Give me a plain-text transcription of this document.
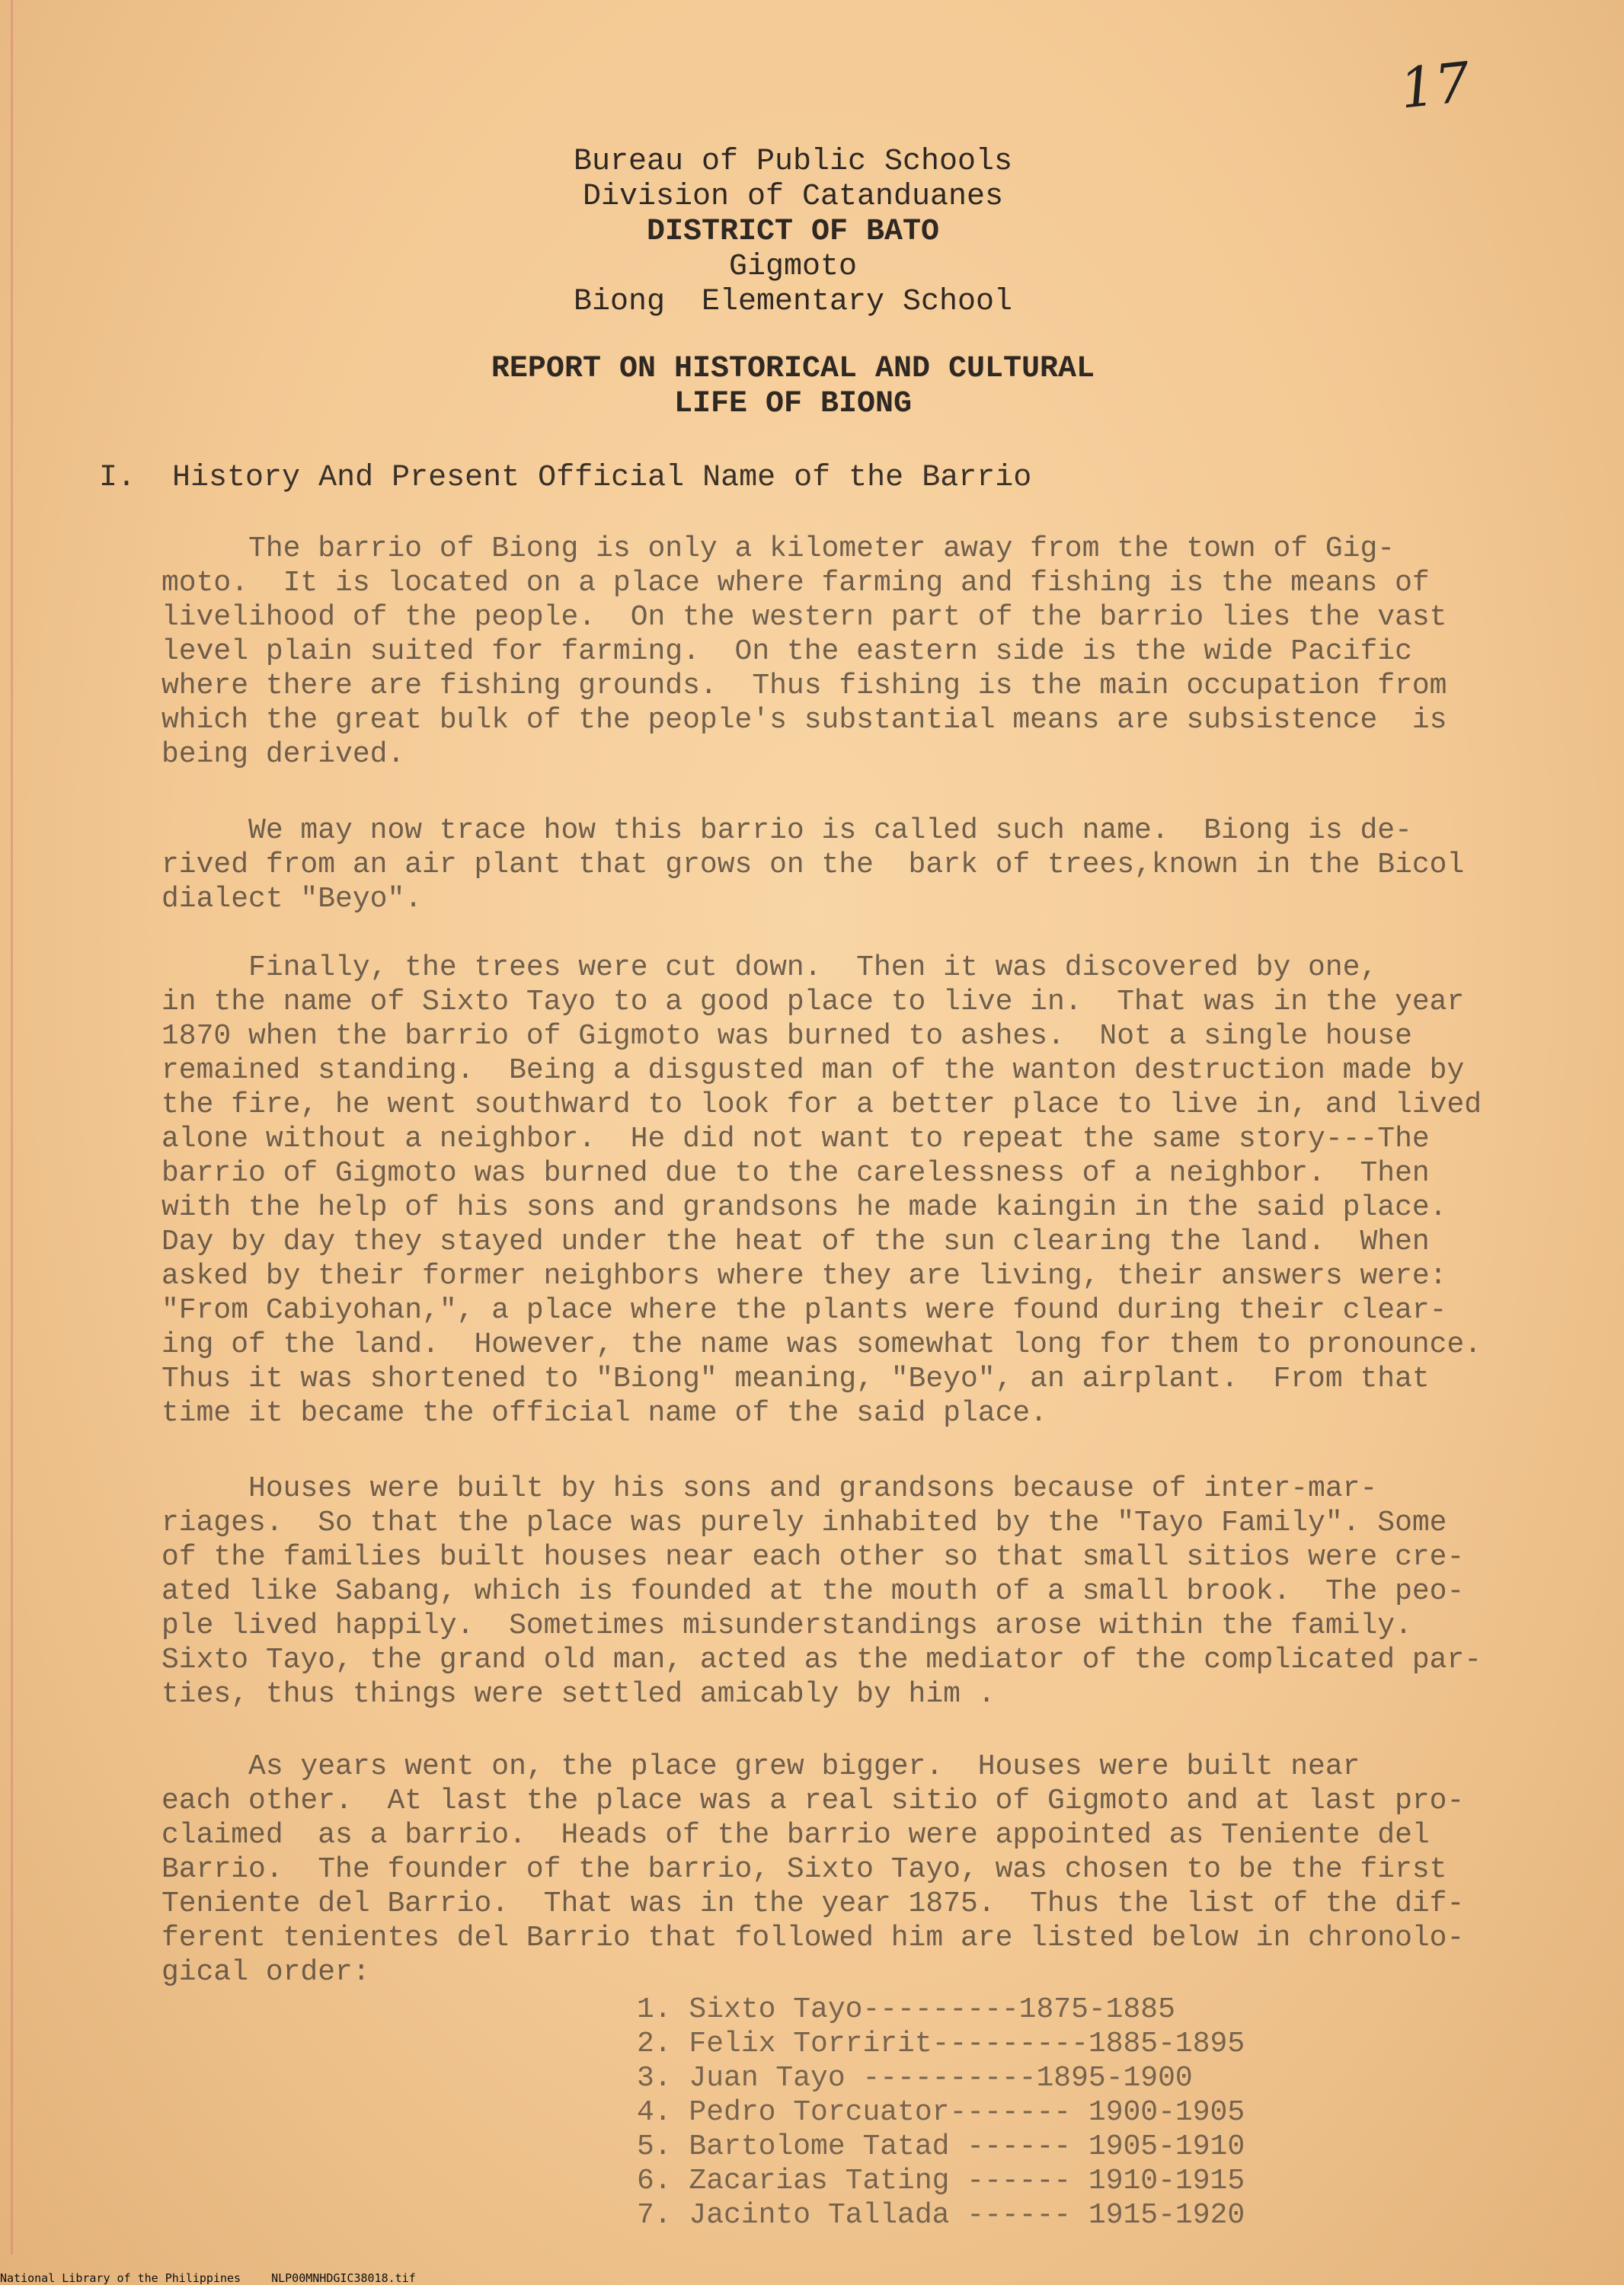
17
Bureau of Public Schools
Division of Catanduanes
DISTRICT OF BATO
Gigmoto
Biong  Elementary School
REPORT ON HISTORICAL AND CULTURAL
LIFE OF BIONG
I. History And Present Official Name of the Barrio
The barrio of Biong is only a kilometer away from the town of Gig-
moto.  It is located on a place where farming and fishing is the means of
livelihood of the people.  On the western part of the barrio lies the vast
level plain suited for farming.  On the eastern side is the wide Pacific
where there are fishing grounds.  Thus fishing is the main occupation from
which the great bulk of the people's substantial means are subsistence  is
being derived.
We may now trace how this barrio is called such name.  Biong is de-
rived from an air plant that grows on the  bark of trees,known in the Bicol
dialect "Beyo".
Finally, the trees were cut down.  Then it was discovered by one,
in the name of Sixto Tayo to a good place to live in.  That was in the year
1870 when the barrio of Gigmoto was burned to ashes.  Not a single house
remained standing.  Being a disgusted man of the wanton destruction made by
the fire, he went southward to look for a better place to live in, and lived
alone without a neighbor.  He did not want to repeat the same story---The
barrio of Gigmoto was burned due to the carelessness of a neighbor.  Then
with the help of his sons and grandsons he made kaingin in the said place.
Day by day they stayed under the heat of the sun clearing the land.  When
asked by their former neighbors where they are living, their answers were:
"From Cabiyohan,", a place where the plants were found during their clear-
ing of the land.  However, the name was somewhat long for them to pronounce.
Thus it was shortened to "Biong" meaning, "Beyo", an airplant.  From that
time it became the official name of the said place.
Houses were built by his sons and grandsons because of inter-mar-
riages.  So that the place was purely inhabited by the "Tayo Family". Some
of the families built houses near each other so that small sitios were cre-
ated like Sabang, which is founded at the mouth of a small brook.  The peo-
ple lived happily.  Sometimes misunderstandings arose within the family.
Sixto Tayo, the grand old man, acted as the mediator of the complicated par-
ties, thus things were settled amicably by him .
As years went on, the place grew bigger.  Houses were built near
each other.  At last the place was a real sitio of Gigmoto and at last pro-
claimed  as a barrio.  Heads of the barrio were appointed as Teniente del
Barrio.  The founder of the barrio, Sixto Tayo, was chosen to be the first
Teniente del Barrio.  That was in the year 1875.  Thus the list of the dif-
ferent tenientes del Barrio that followed him are listed below in chronolo-
gical order:
1. Sixto Tayo---------1875-1885
2. Felix Torririt---------1885-1895
3. Juan Tayo ----------1895-1900
4. Pedro Torcuator------- 1900-1905
5. Bartolome Tatad ------ 1905-1910
6. Zacarias Tating ------ 1910-1915
7. Jacinto Tallada ------ 1915-1920
National Library of the Philippines	NLP00MNHDGIC38018.tif
